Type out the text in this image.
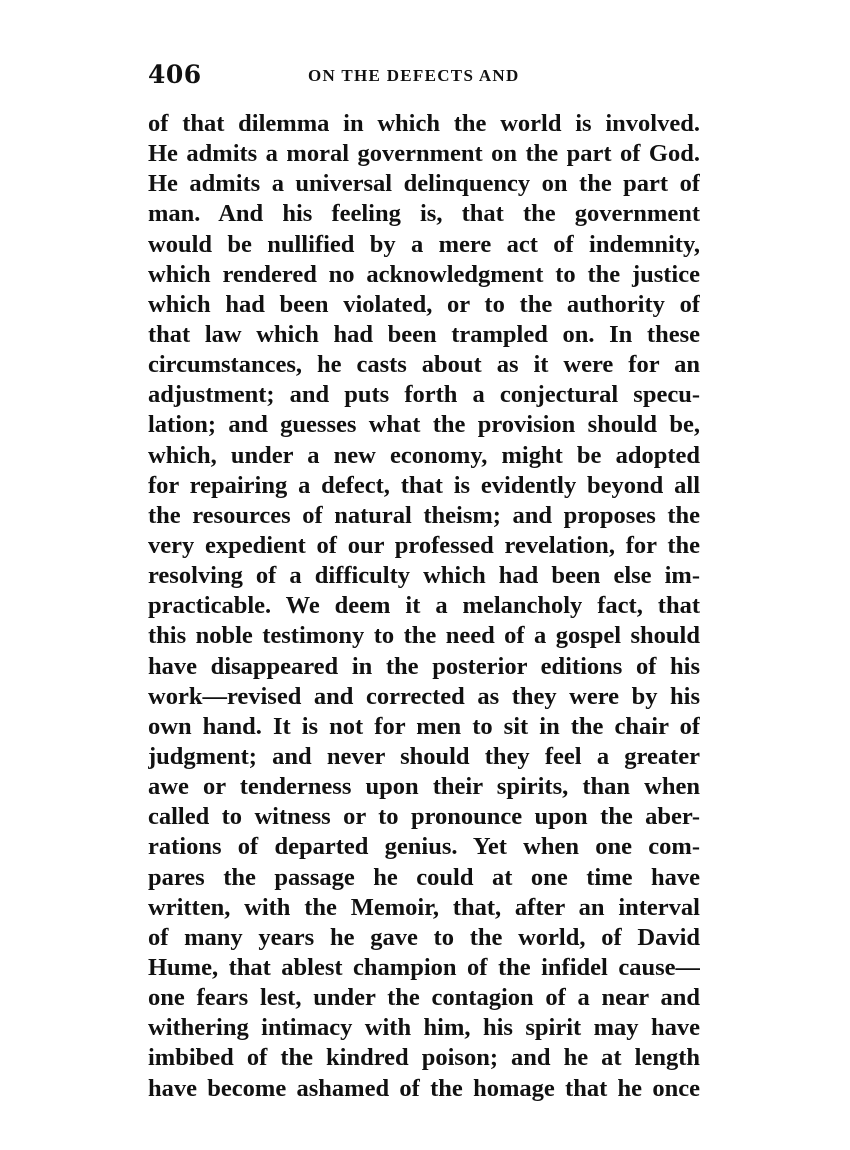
406	ON THE DEFECTS AND
of that dilemma in which the world is involved.
He admits a moral government on the part of God.
He admits a universal delinquency on the part of
man. And his feeling is, that the government
would be nullified by a mere act of indemnity,
which rendered no acknowledgment to the justice
which had been violated, or to the authority of
that law which had been trampled on. In these
circumstances, he casts about as it were for an
adjustment; and puts forth a conjectural specu-
lation; and guesses what the provision should be,
which, under a new economy, might be adopted
for repairing a defect, that is evidently beyond all
the resources of natural theism; and proposes the
very expedient of our professed revelation, for the
resolving of a difficulty which had been else im-
practicable. We deem it a melancholy fact, that
this noble testimony to the need of a gospel should
have disappeared in the posterior editions of his
work—revised and corrected as they were by his
own hand. It is not for men to sit in the chair of
judgment; and never should they feel a greater
awe or tenderness upon their spirits, than when
called to witness or to pronounce upon the aber-
rations of departed genius. Yet when one com-
pares the passage he could at one time have
written, with the Memoir, that, after an interval
of many years he gave to the world, of David
Hume, that ablest champion of the infidel cause—
one fears lest, under the contagion of a near and
withering intimacy with him, his spirit may have
imbibed of the kindred poison; and he at length
have become ashamed of the homage that he once
